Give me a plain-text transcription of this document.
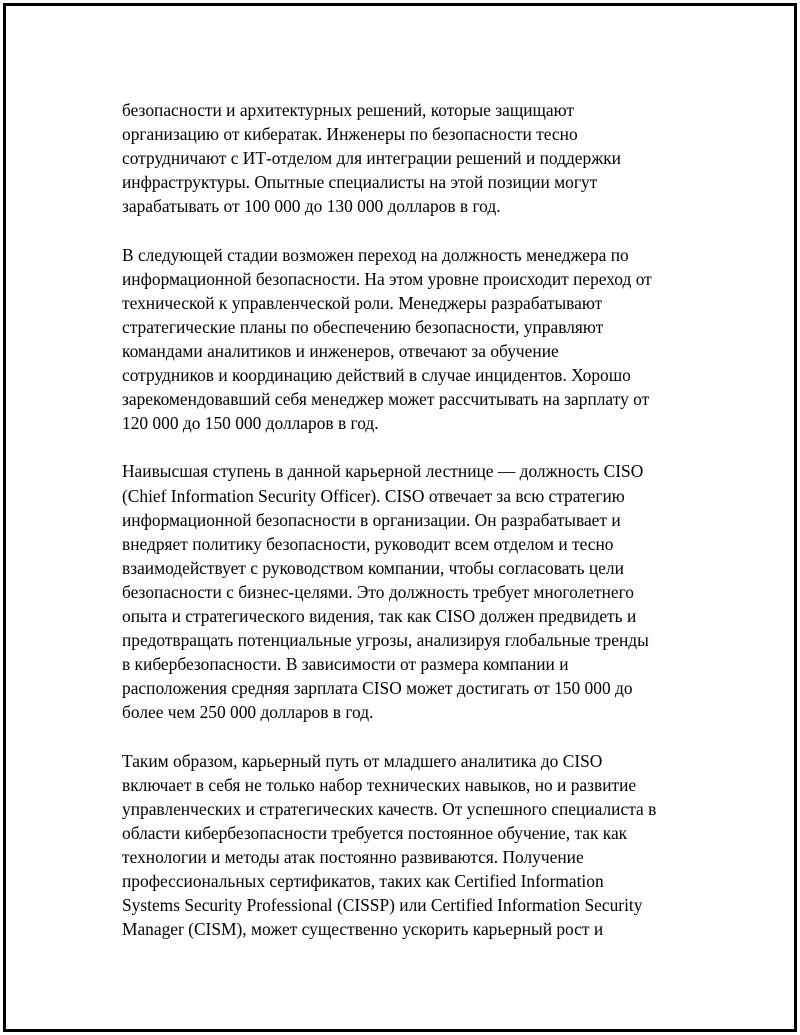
безопасности и архитектурных решений, которые защищают
организацию от кибератак. Инженеры по безопасности тесно
сотрудничают с ИТ-отделом для интеграции решений и поддержки
инфраструктуры. Опытные специалисты на этой позиции могут
зарабатывать от 100 000 до 130 000 долларов в год.

В следующей стадии возможен переход на должность менеджера по
информационной безопасности. На этом уровне происходит переход от
технической к управленческой роли. Менеджеры разрабатывают
стратегические планы по обеспечению безопасности, управляют
командами аналитиков и инженеров, отвечают за обучение
сотрудников и координацию действий в случае инцидентов. Хорошо
зарекомендовавший себя менеджер может рассчитывать на зарплату от
120 000 до 150 000 долларов в год.

Наивысшая ступень в данной карьерной лестнице — должность CISO
(Chief Information Security Officer). CISO отвечает за всю стратегию
информационной безопасности в организации. Он разрабатывает и
внедряет политику безопасности, руководит всем отделом и тесно
взаимодействует с руководством компании, чтобы согласовать цели
безопасности с бизнес-целями. Это должность требует многолетнего
опыта и стратегического видения, так как CISO должен предвидеть и
предотвращать потенциальные угрозы, анализируя глобальные тренды
в кибербезопасности. В зависимости от размера компании и
расположения средняя зарплата CISO может достигать от 150 000 до
более чем 250 000 долларов в год.

Таким образом, карьерный путь от младшего аналитика до CISO
включает в себя не только набор технических навыков, но и развитие
управленческих и стратегических качеств. От успешного специалиста в
области кибербезопасности требуется постоянное обучение, так как
технологии и методы атак постоянно развиваются. Получение
профессиональных сертификатов, таких как Certified Information
Systems Security Professional (CISSP) или Certified Information Security
Manager (CISM), может существенно ускорить карьерный рост и
